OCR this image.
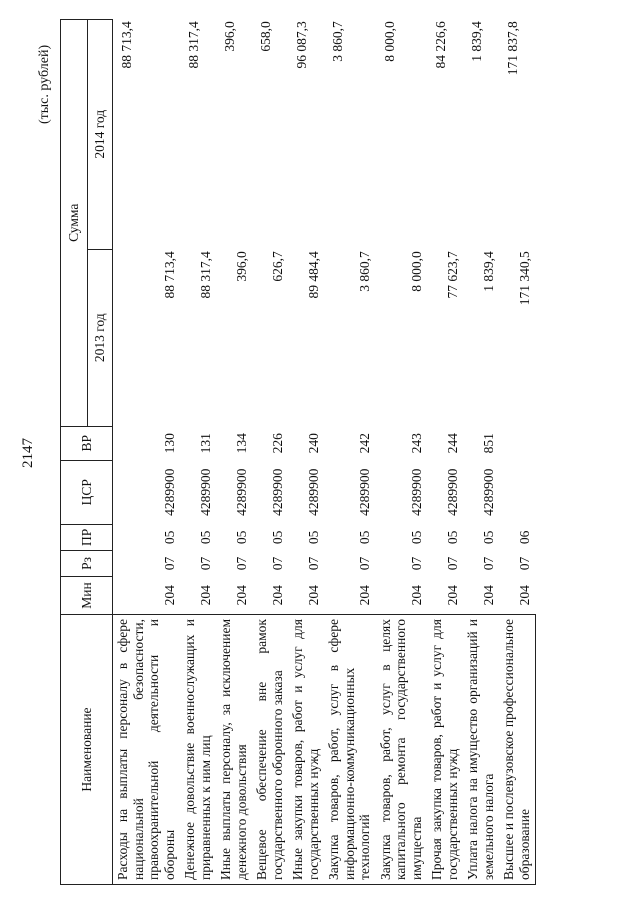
2147
(тыс. рублей)
Наименование	Мин	Рз	ПР	ЦСР	ВР	Сумма	
						2013 год	2014 год
Расходы на выплаты персоналу в сфере национальной безопасности, правоохранительной деятельности и обороны	204	07	05	4289900	130	88 713,4	88 713,4
Денежное довольствие военнослужащих и приравненных к ним лиц	204	07	05	4289900	131	88 317,4	88 317,4
Иные выплаты персоналу, за исключением денежного довольствия	204	07	05	4289900	134	396,0	396,0
Вещевое обеспечение вне рамок государственного оборонного заказа	204	07	05	4289900	226	626,7	658,0
Иные закупки товаров, работ и услуг для государственных нужд	204	07	05	4289900	240	89 484,4	96 087,3
Закупка товаров, работ, услуг в сфере информационно-коммуникационных технологий	204	07	05	4289900	242	3 860,7	3 860,7
Закупка товаров, работ, услуг в целях капитального ремонта государственного имущества	204	07	05	4289900	243	8 000,0	8 000,0
Прочая закупка товаров, работ и услуг для государственных нужд	204	07	05	4289900	244	77 623,7	84 226,6
Уплата налога на имущество организаций и земельного налога	204	07	05	4289900	851	1 839,4	1 839,4
Высшее и послевузовское профессиональное образование	204	07	06			171 340,5	171 837,8
